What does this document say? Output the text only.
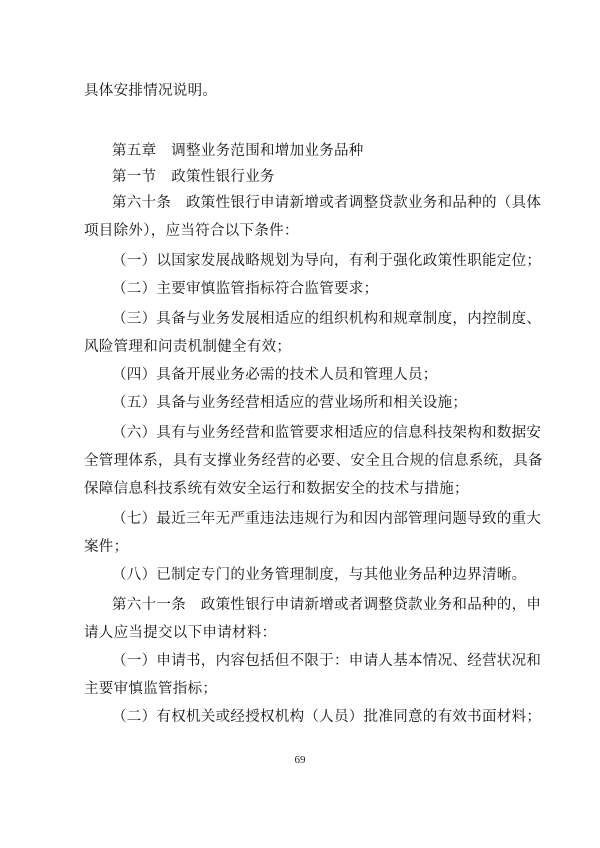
具体安排情况说明。
第五章　调整业务范围和增加业务品种
第一节　政策性银行业务
第六十条　政策性银行申请新增或者调整贷款业务和品种的（具体
项目除外），应当符合以下条件：
（一）以国家发展战略规划为导向，有利于强化政策性职能定位；
（二）主要审慎监管指标符合监管要求；
（三）具备与业务发展相适应的组织机构和规章制度，内控制度、
风险管理和问责机制健全有效；
（四）具备开展业务必需的技术人员和管理人员；
（五）具备与业务经营相适应的营业场所和相关设施；
（六）具有与业务经营和监管要求相适应的信息科技架构和数据安
全管理体系，具有支撑业务经营的必要、安全且合规的信息系统，具备
保障信息科技系统有效安全运行和数据安全的技术与措施；
（七）最近三年无严重违法违规行为和因内部管理问题导致的重大
案件；
（八）已制定专门的业务管理制度，与其他业务品种边界清晰。
第六十一条　政策性银行申请新增或者调整贷款业务和品种的，申
请人应当提交以下申请材料：
（一）申请书，内容包括但不限于：申请人基本情况、经营状况和
主要审慎监管指标；
（二）有权机关或经授权机构（人员）批准同意的有效书面材料；
69
